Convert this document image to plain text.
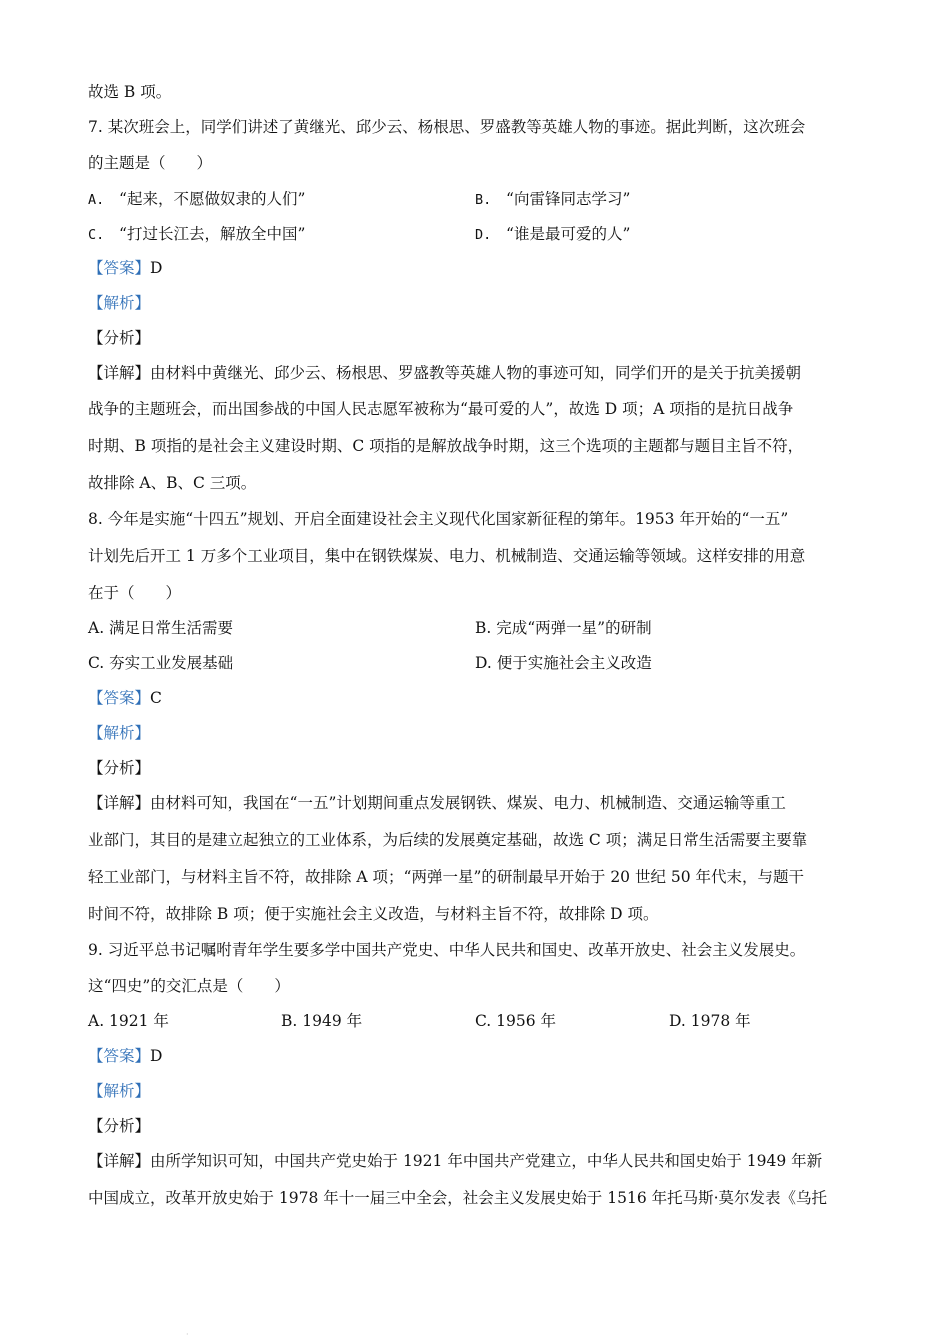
故选 B 项。
7. 某次班会上，同学们讲述了黄继光、邱少云、杨根思、罗盛教等英雄人物的事迹。据此判断，这次班会
的主题是（　　）
A. “起来，不愿做奴隶的人们”	B. “向雷锋同志学习”
C. “打过长江去，解放全中国”	D. “谁是最可爱的人”
【答案】D
【解析】
【分析】
【详解】由材料中黄继光、邱少云、杨根思、罗盛教等英雄人物的事迹可知，同学们开的是关于抗美援朝
战争的主题班会，而出国参战的中国人民志愿军被称为“最可爱的人”，故选 D 项；A 项指的是抗日战争
时期、B 项指的是社会主义建设时期、C 项指的是解放战争时期，这三个选项的主题都与题目主旨不符，
故排除 A、B、C 三项。
8. 今年是实施“十四五”规划、开启全面建设社会主义现代化国家新征程的第年。1953 年开始的“一五”
计划先后开工 1 万多个工业项目，集中在钢铁煤炭、电力、机械制造、交通运输等领域。这样安排的用意
在于（　　）
A. 满足日常生活需要	B. 完成“两弹一星”的研制
C. 夯实工业发展基础	D. 便于实施社会主义改造
【答案】C
【解析】
【分析】
【详解】由材料可知，我国在“一五”计划期间重点发展钢铁、煤炭、电力、机械制造、交通运输等重工
业部门，其目的是建立起独立的工业体系，为后续的发展奠定基础，故选 C 项；满足日常生活需要主要靠
轻工业部门，与材料主旨不符，故排除 A 项；“两弹一星”的研制最早开始于 20 世纪 50 年代末，与题干
时间不符，故排除 B 项；便于实施社会主义改造，与材料主旨不符，故排除 D 项。
9. 习近平总书记嘱咐青年学生要多学中国共产党史、中华人民共和国史、改革开放史、社会主义发展史。
这“四史”的交汇点是（　　）
A. 1921 年	B. 1949 年	C. 1956 年	D. 1978 年
【答案】D
【解析】
【分析】
【详解】由所学知识可知，中国共产党史始于 1921 年中国共产党建立，中华人民共和国史始于 1949 年新
中国成立，改革开放史始于 1978 年十一届三中全会，社会主义发展史始于 1516 年托马斯·莫尔发表《乌托
·
